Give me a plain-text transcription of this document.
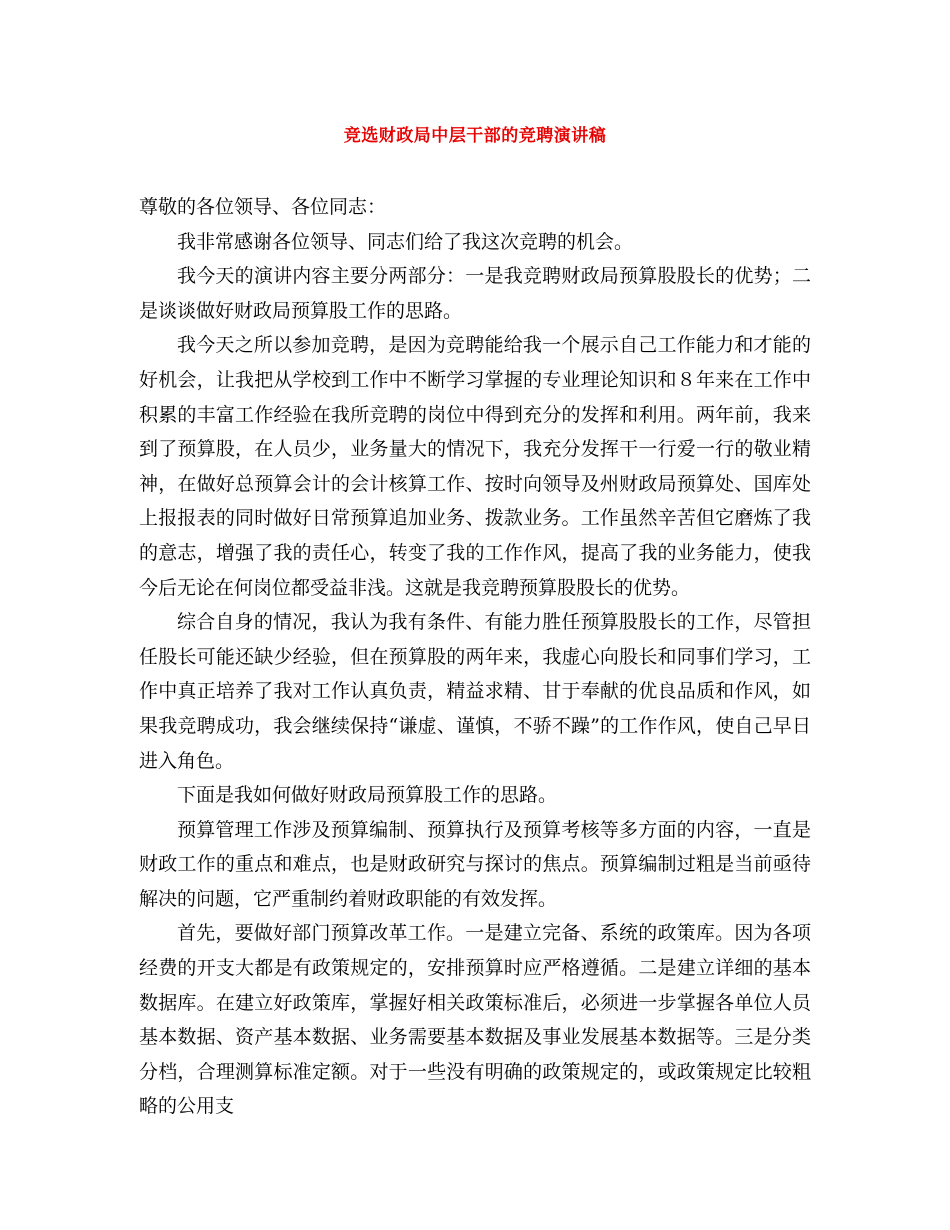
竞选财政局中层干部的竞聘演讲稿

尊敬的各位领导、各位同志：

我非常感谢各位领导、同志们给了我这次竞聘的机会。

我今天的演讲内容主要分两部分：一是我竞聘财政局预算股股长的优势；二是谈谈做好财政局预算股工作的思路。

我今天之所以参加竞聘，是因为竞聘能给我一个展示自己工作能力和才能的好机会，让我把从学校到工作中不断学习掌握的专业理论知识和８年来在工作中积累的丰富工作经验在我所竞聘的岗位中得到充分的发挥和利用。两年前，我来到了预算股，在人员少，业务量大的情况下，我充分发挥干一行爱一行的敬业精神，在做好总预算会计的会计核算工作、按时向领导及州财政局预算处、国库处上报报表的同时做好日常预算追加业务、拨款业务。工作虽然辛苦但它磨炼了我的意志，增强了我的责任心，转变了我的工作作风，提高了我的业务能力，使我今后无论在何岗位都受益非浅。这就是我竞聘预算股股长的优势。

综合自身的情况，我认为我有条件、有能力胜任预算股股长的工作，尽管担任股长可能还缺少经验，但在预算股的两年来，我虚心向股长和同事们学习，工作中真正培养了我对工作认真负责，精益求精、甘于奉献的优良品质和作风，如果我竞聘成功，我会继续保持“谦虚、谨慎，不骄不躁”的工作作风，使自己早日进入角色。

下面是我如何做好财政局预算股工作的思路。

预算管理工作涉及预算编制、预算执行及预算考核等多方面的内容，一直是财政工作的重点和难点，也是财政研究与探讨的焦点。预算编制过粗是当前亟待解决的问题，它严重制约着财政职能的有效发挥。

首先，要做好部门预算改革工作。一是建立完备、系统的政策库。因为各项经费的开支大都是有政策规定的，安排预算时应严格遵循。二是建立详细的基本数据库。在建立好政策库，掌握好相关政策标准后，必须进一步掌握各单位人员基本数据、资产基本数据、业务需要基本数据及事业发展基本数据等。三是分类分档，合理测算标准定额。对于一些没有明确的政策规定的，或政策规定比较粗略的公用支
